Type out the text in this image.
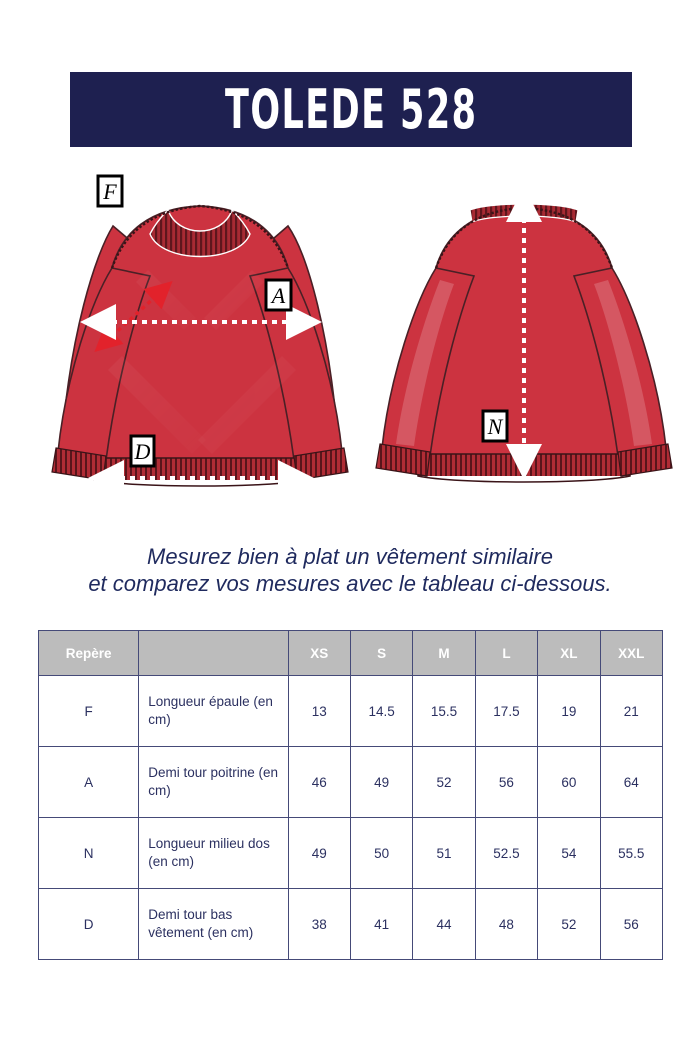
TOLEDE 528
F
A
D
N
Mesurez bien à plat un vêtement similaire
et comparez vos mesures avec le tableau ci-dessous.
Repère		XS	S	M	L	XL	XXL
F	Longueur épaule (en cm)	13	14.5	15.5	17.5	19	21
A	Demi tour poitrine (en cm)	46	49	52	56	60	64
N	Longueur milieu dos (en cm)	49	50	51	52.5	54	55.5
D	Demi tour bas vêtement (en cm)	38	41	44	48	52	56
